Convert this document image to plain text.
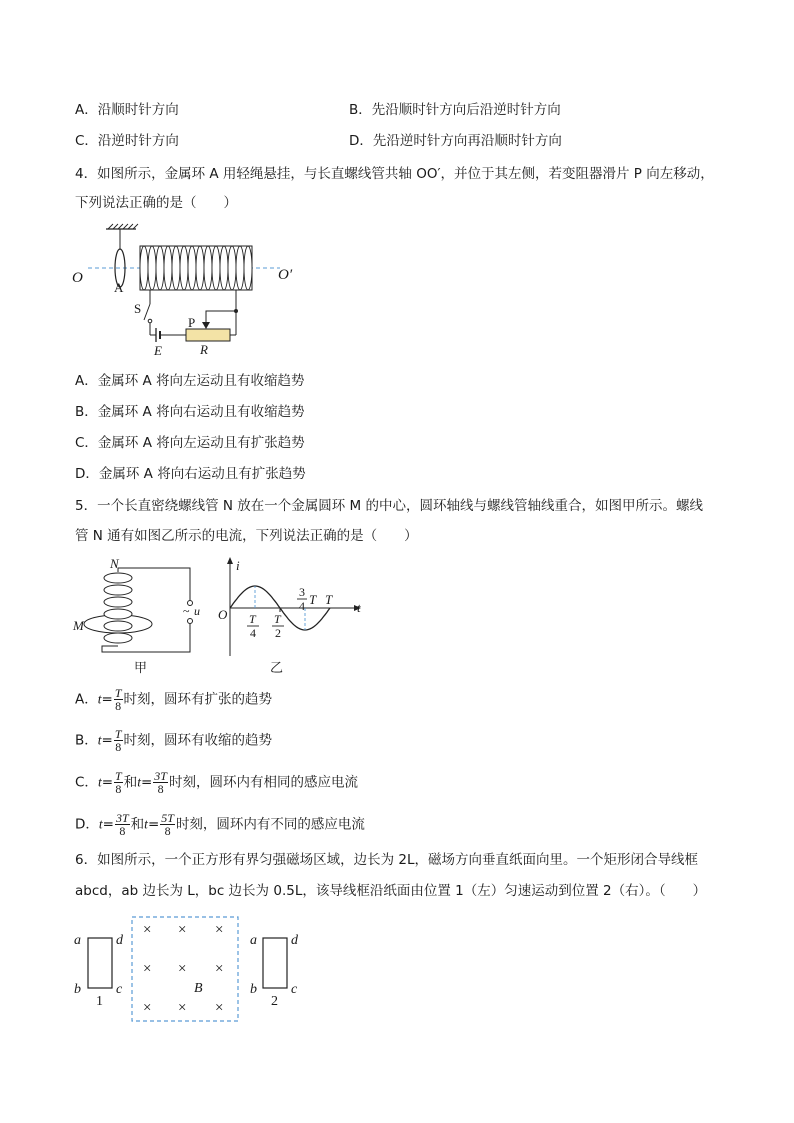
A．沿顺时针方向	B．先沿顺时针方向后沿逆时针方向
C．沿逆时针方向	D．先沿逆时针方向再沿顺时针方向
4．如图所示，金属环 A 用轻绳悬挂，与长直螺线管共轴 OO′，并位于其左侧，若变阻器滑片 P 向左移动，
下列说法正确的是（　　）
O	O′
A
S
P
E	R
A．金属环 A 将向左运动且有收缩趋势
B．金属环 A 将向右运动且有收缩趋势
C．金属环 A 将向左运动且有扩张趋势
D．金属环 A 将向右运动且有扩张趋势
5．一个长直密绕螺线管 N 放在一个金属圆环 M 的中心，圆环轴线与螺线管轴线重合，如图甲所示。螺线
管 N 通有如图乙所示的电流，下列说法正确的是（　　）
~ u
N
M
甲
i
t
O
T
3
4 T
T
4
T
2
乙
A．$t= \frac{T}{8}$ 时刻，圆环有扩张的趋势
B．$t= \frac{T}{8}$ 时刻，圆环有收缩的趋势
C．$t= \frac{T}{8}$ 和$t= \frac{3T}{8}$ 时刻，圆环内有相同的感应电流
D．$t= \frac{3T}{8}$ 和$t= \frac{5T}{8}$ 时刻，圆环内有不同的感应电流
6．如图所示，一个正方形有界匀强磁场区域，边长为 2L，磁场方向垂直纸面向里。一个矩形闭合导线框
abcd，ab 边长为 L，bc 边长为 0.5L，该导线框沿纸面由位置 1（左）匀速运动到位置 2（右）。（　　）
a
b	c
d
1
× × ×
× × ×
× × ×
B
a
b c
d
2
